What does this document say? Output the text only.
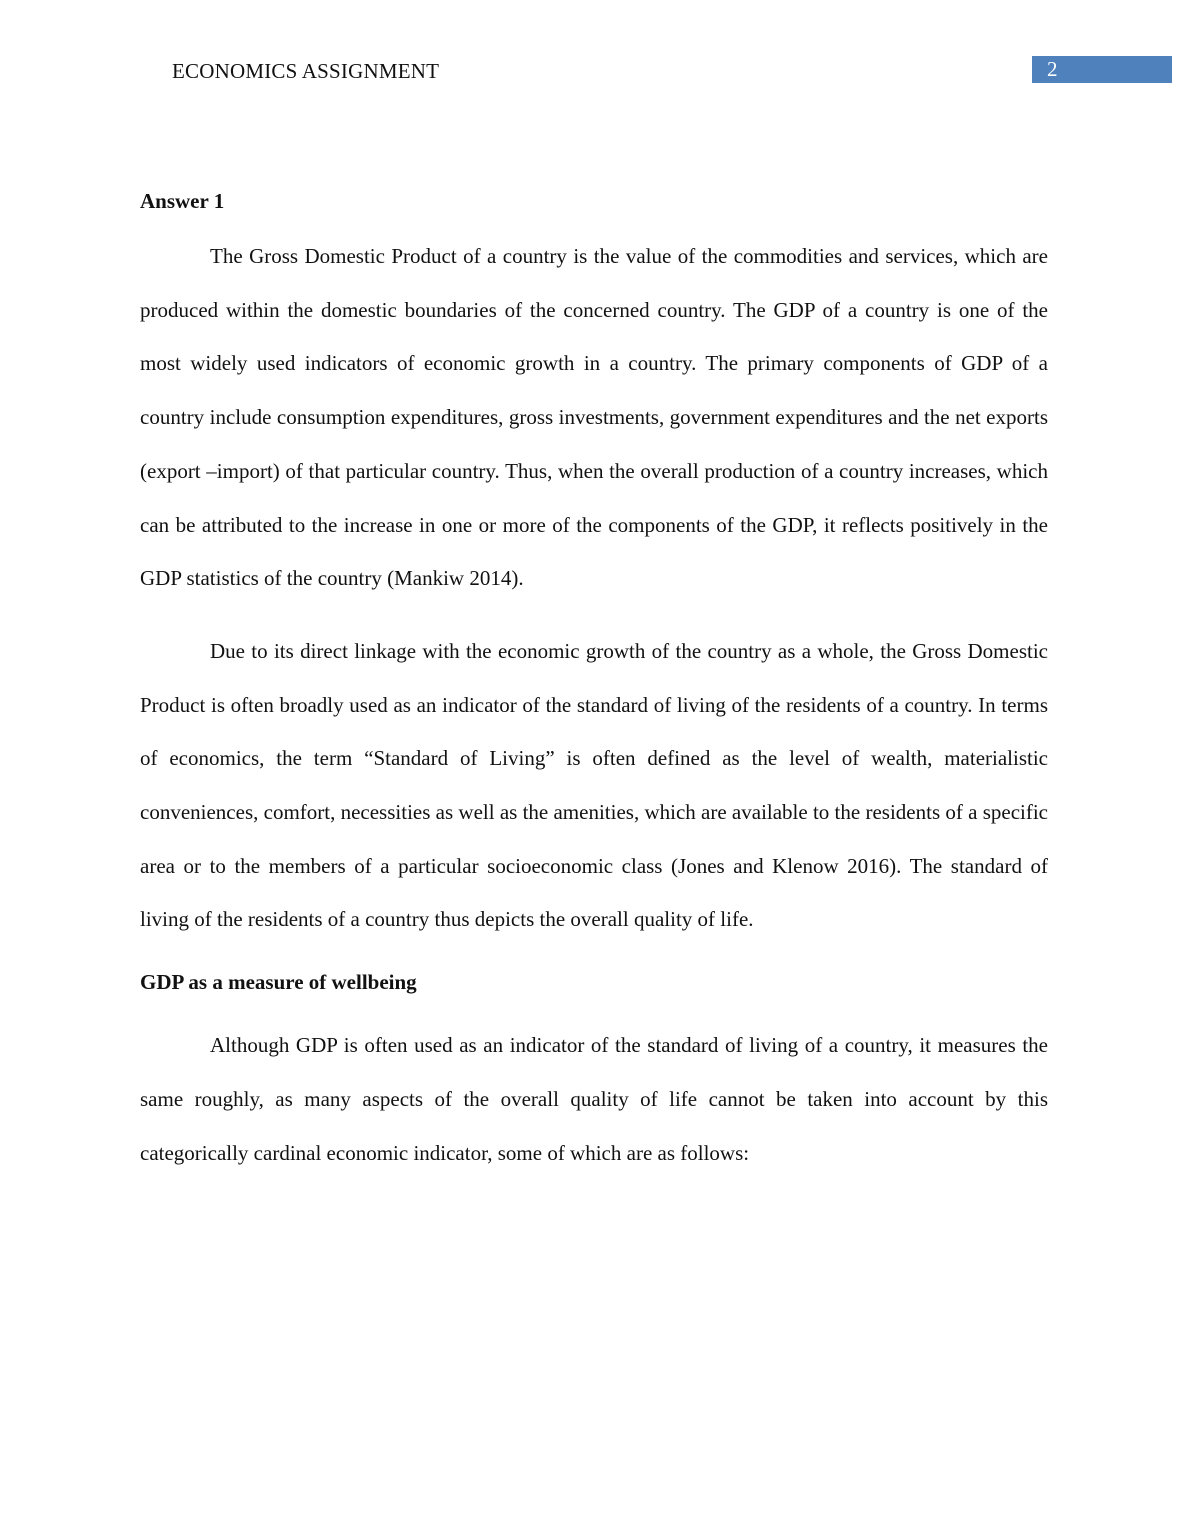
ECONOMICS ASSIGNMENT	2
Answer 1

The Gross Domestic Product of a country is the value of the commodities and services, which are produced within the domestic boundaries of the concerned country. The GDP of a country is one of the most widely used indicators of economic growth in a country. The primary components of GDP of a country include consumption expenditures, gross investments, government expenditures and the net exports (export –import) of that particular country. Thus, when the overall production of a country increases, which can be attributed to the increase in one or more of the components of the GDP, it reflects positively in the GDP statistics of the country (Mankiw 2014).

Due to its direct linkage with the economic growth of the country as a whole, the Gross Domestic Product is often broadly used as an indicator of the standard of living of the residents of a country. In terms of economics, the term “Standard of Living” is often defined as the level of wealth, materialistic conveniences, comfort, necessities as well as the amenities, which are available to the residents of a specific area or to the members of a particular socioeconomic class (Jones and Klenow 2016). The standard of living of the residents of a country thus depicts the overall quality of life.

GDP as a measure of wellbeing

Although GDP is often used as an indicator of the standard of living of a country, it measures the same roughly, as many aspects of the overall quality of life cannot be taken into account by this categorically cardinal economic indicator, some of which are as follows:
